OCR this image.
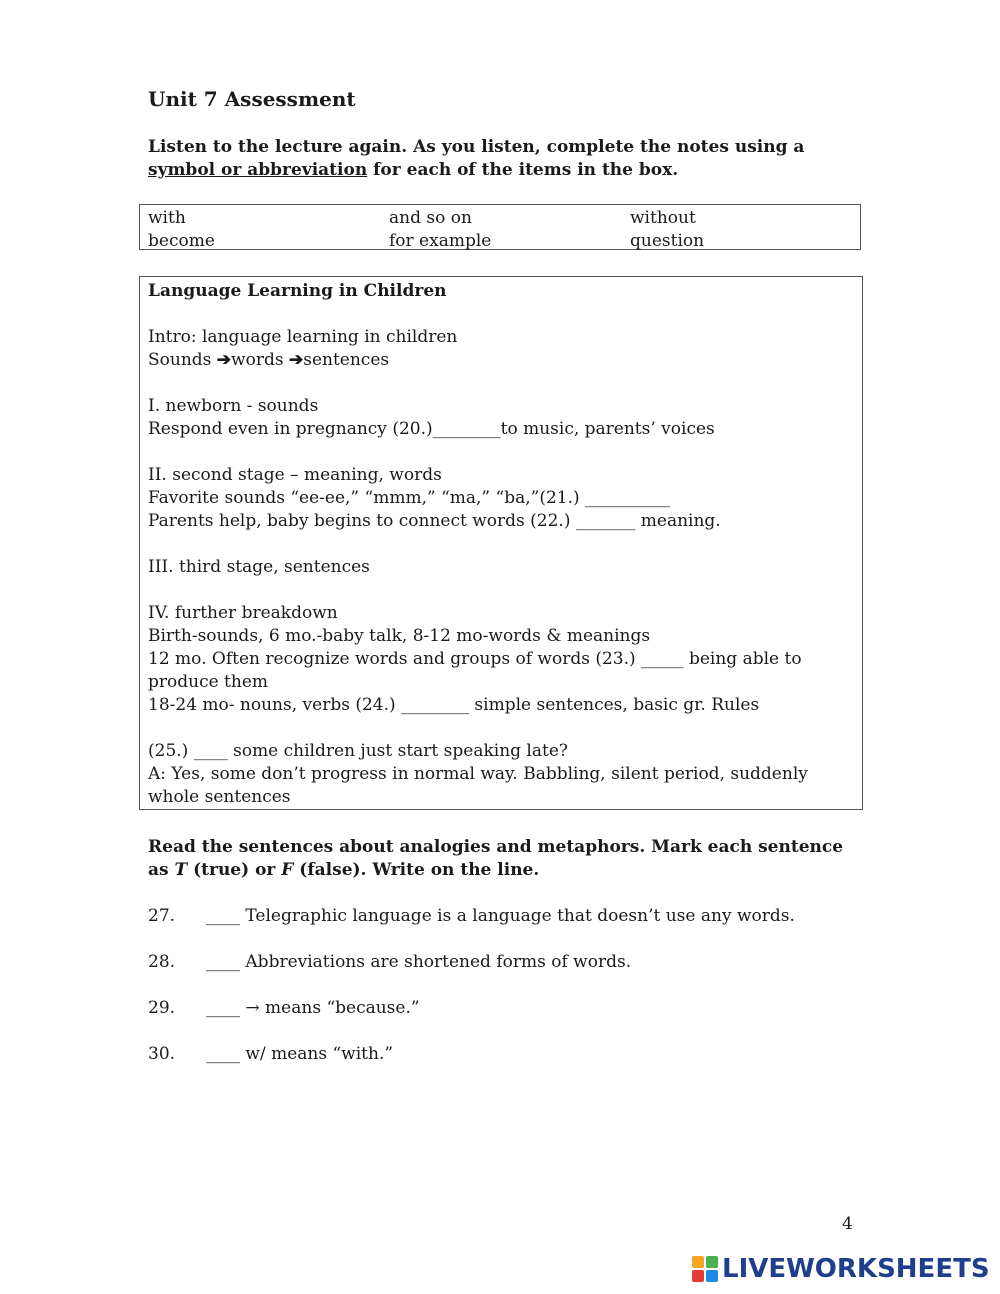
Unit 7 Assessment
Listen to the lecture again. As you listen, complete the notes using a symbol or abbreviation for each of the items in the box.
with	and so on	without
become	for example	question
Language Learning in Children
Intro: language learning in children
Sounds ➔words ➔sentences
I. newborn - sounds
Respond even in pregnancy (20.)________to music, parents’ voices
II. second stage – meaning, words
Favorite sounds “ee-ee,” “mmm,” “ma,” “ba,”(21.) __________
Parents help, baby begins to connect words (22.) _______ meaning.
III. third stage, sentences
IV. further breakdown
Birth-sounds, 6 mo.-baby talk, 8-12 mo-words & meanings
12 mo. Often recognize words and groups of words (23.) _____ being able to produce them
18-24 mo- nouns, verbs (24.) ________ simple sentences, basic gr. Rules
(25.) ____ some children just start speaking late?
A: Yes, some don’t progress in normal way. Babbling, silent period, suddenly whole sentences
Read the sentences about analogies and metaphors. Mark each sentence as T (true) or F (false). Write on the line.
27. ____ Telegraphic language is a language that doesn’t use any words.
28. ____ Abbreviations are shortened forms of words.
29. ____ → means “because.”
30. ____ w/ means “with.”
4
LIVEWORKSHEETS
